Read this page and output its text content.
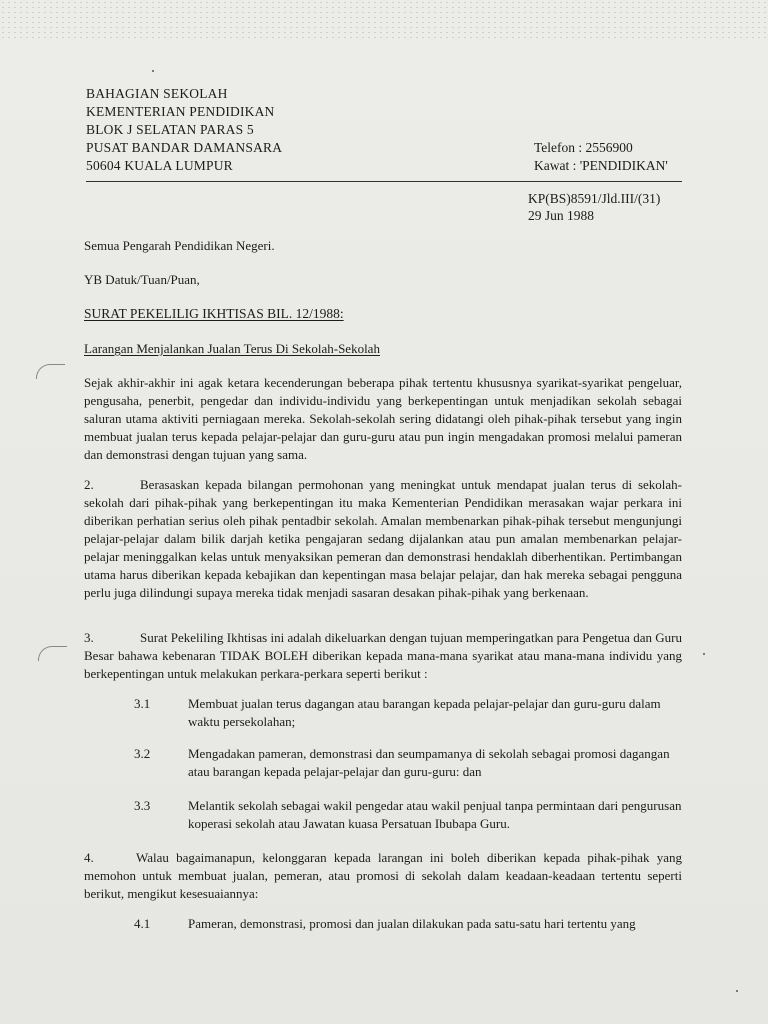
BAHAGIAN SEKOLAH
KEMENTERIAN PENDIDIKAN
BLOK J SELATAN PARAS 5
PUSAT BANDAR DAMANSARA
50604 KUALA LUMPUR
Telefon : 2556900
Kawat : 'PENDIDIKAN'
KP(BS)8591/Jld.III/(31)
29 Jun 1988
Semua Pengarah Pendidikan Negeri.
YB Datuk/Tuan/Puan,
SURAT PEKELILIG IKHTISAS BIL. 12/1988:
Larangan Menjalankan Jualan Terus Di Sekolah-Sekolah
Sejak akhir-akhir ini agak ketara kecenderungan beberapa pihak tertentu khususnya syarikat-syarikat pengeluar, pengusaha, penerbit, pengedar dan individu-individu yang berkepentingan untuk menjadikan sekolah sebagai saluran utama aktiviti perniagaan mereka. Sekolah-sekolah sering didatangi oleh pihak-pihak tersebut yang ingin membuat jualan terus kepada pelajar-pelajar dan guru-guru atau pun ingin mengadakan promosi melalui pameran dan demonstrasi dengan tujuan yang sama.
2.	Berasaskan kepada bilangan permohonan yang meningkat untuk mendapat jualan terus di sekolah-sekolah dari pihak-pihak yang berkepentingan itu maka Kementerian Pendidikan merasakan wajar perkara ini diberikan perhatian serius oleh pihak pentadbir sekolah. Amalan membenarkan pihak-pihak tersebut mengunjungi pelajar-pelajar dalam bilik darjah ketika pengajaran sedang dijalankan atau pun amalan membenarkan pelajar-pelajar meninggalkan kelas untuk menyaksikan pemeran dan demonstrasi hendaklah diberhentikan. Pertimbangan utama harus diberikan kepada kebajikan dan kepentingan masa belajar pelajar, dan hak mereka sebagai pengguna perlu juga dilindungi supaya mereka tidak menjadi sasaran desakan pihak-pihak yang berkenaan.
3.	Surat Pekeliling Ikhtisas ini adalah dikeluarkan dengan tujuan memperingatkan para Pengetua dan Guru Besar bahawa kebenaran TIDAK BOLEH diberikan kepada mana-mana syarikat atau mana-mana individu yang berkepentingan untuk melakukan perkara-perkara seperti berikut :
3.1	Membuat jualan terus dagangan atau barangan kepada pelajar-pelajar dan guru-guru dalam waktu persekolahan;
3.2	Mengadakan pameran, demonstrasi dan seumpamanya di sekolah sebagai promosi dagangan atau barangan kepada pelajar-pelajar dan guru-guru: dan
3.3	Melantik sekolah sebagai wakil pengedar atau wakil penjual tanpa permintaan dari pengurusan koperasi sekolah atau Jawatan kuasa Persatuan Ibubapa Guru.
4.	Walau bagaimanapun, kelonggaran kepada larangan ini boleh diberikan kepada pihak-pihak yang memohon untuk membuat jualan, pemeran, atau promosi di sekolah dalam keadaan-keadaan tertentu seperti berikut, mengikut kesesuaiannya:
4.1	Pameran, demonstrasi, promosi dan jualan dilakukan pada satu-satu hari tertentu yang
